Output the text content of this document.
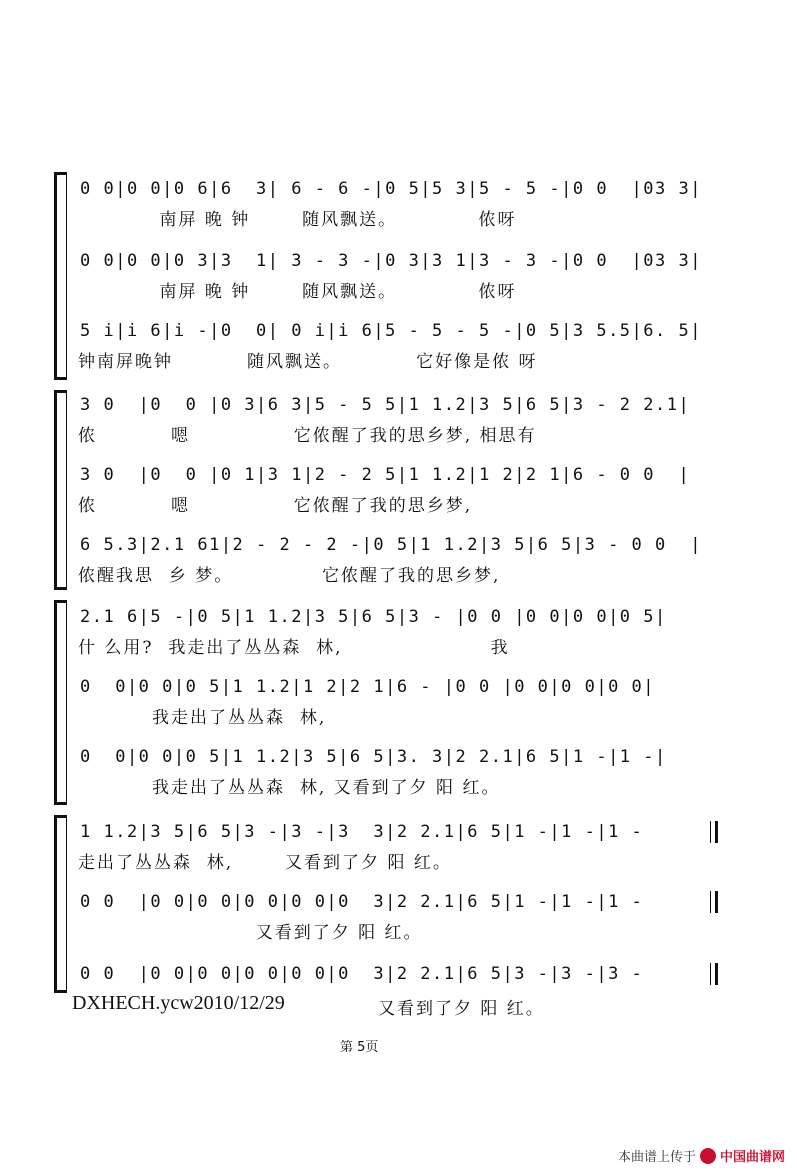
0 0|0 0|0 6|6  3| 6 - 6 -|0 5|5 3|5 - 5 -|0 0  |03 3|
南屏 晚 钟       随风飘送。           侬呀
0 0|0 0|0 3|3  1| 3 - 3 -|0 3|3 1|3 - 3 -|0 0  |03 3|
南屏 晚 钟       随风飘送。           侬呀
5 i|i 6|i -|0  0| 0 i|i 6|5 - 5 - 5 -|0 5|3 5.5|6. 5|
钟南屏晚钟          随风飘送。          它好像是侬 呀
3 0  |0  0 |0 3|6 3|5 - 5 5|1 1.2|3 5|6 5|3 - 2 2.1|
侬          嗯              它侬醒了我的思乡梦, 相思有
3 0  |0  0 |0 1|3 1|2 - 2 5|1 1.2|1 2|2 1|6 - 0 0  |
侬          嗯              它侬醒了我的思乡梦,
6 5.3|2.1 61|2 - 2 - 2 -|0 5|1 1.2|3 5|6 5|3 - 0 0  |
侬醒我思  乡 梦。            它侬醒了我的思乡梦,
2.1 6|5 -|0 5|1 1.2|3 5|6 5|3 - |0 0 |0 0|0 0|0 5|
什 么用?  我走出了丛丛森  林,                    我
0  0|0 0|0 5|1 1.2|1 2|2 1|6 - |0 0 |0 0|0 0|0 0|
我走出了丛丛森  林,
0  0|0 0|0 5|1 1.2|3 5|6 5|3. 3|2 2.1|6 5|1 -|1 -|
我走出了丛丛森  林, 又看到了夕 阳 红。
1 1.2|3 5|6 5|3 -|3 -|3  3|2 2.1|6 5|1 -|1 -|1 -
走出了丛丛森  林,       又看到了夕 阳 红。
0 0  |0 0|0 0|0 0|0 0|0  3|2 2.1|6 5|1 -|1 -|1 -
又看到了夕 阳 红。
0 0  |0 0|0 0|0 0|0 0|0  3|2 2.1|6 5|3 -|3 -|3 -
DXHECH.ycw2010/12/29	又看到了夕 阳 红。
第 5页
本曲谱上传于 中国曲谱网
